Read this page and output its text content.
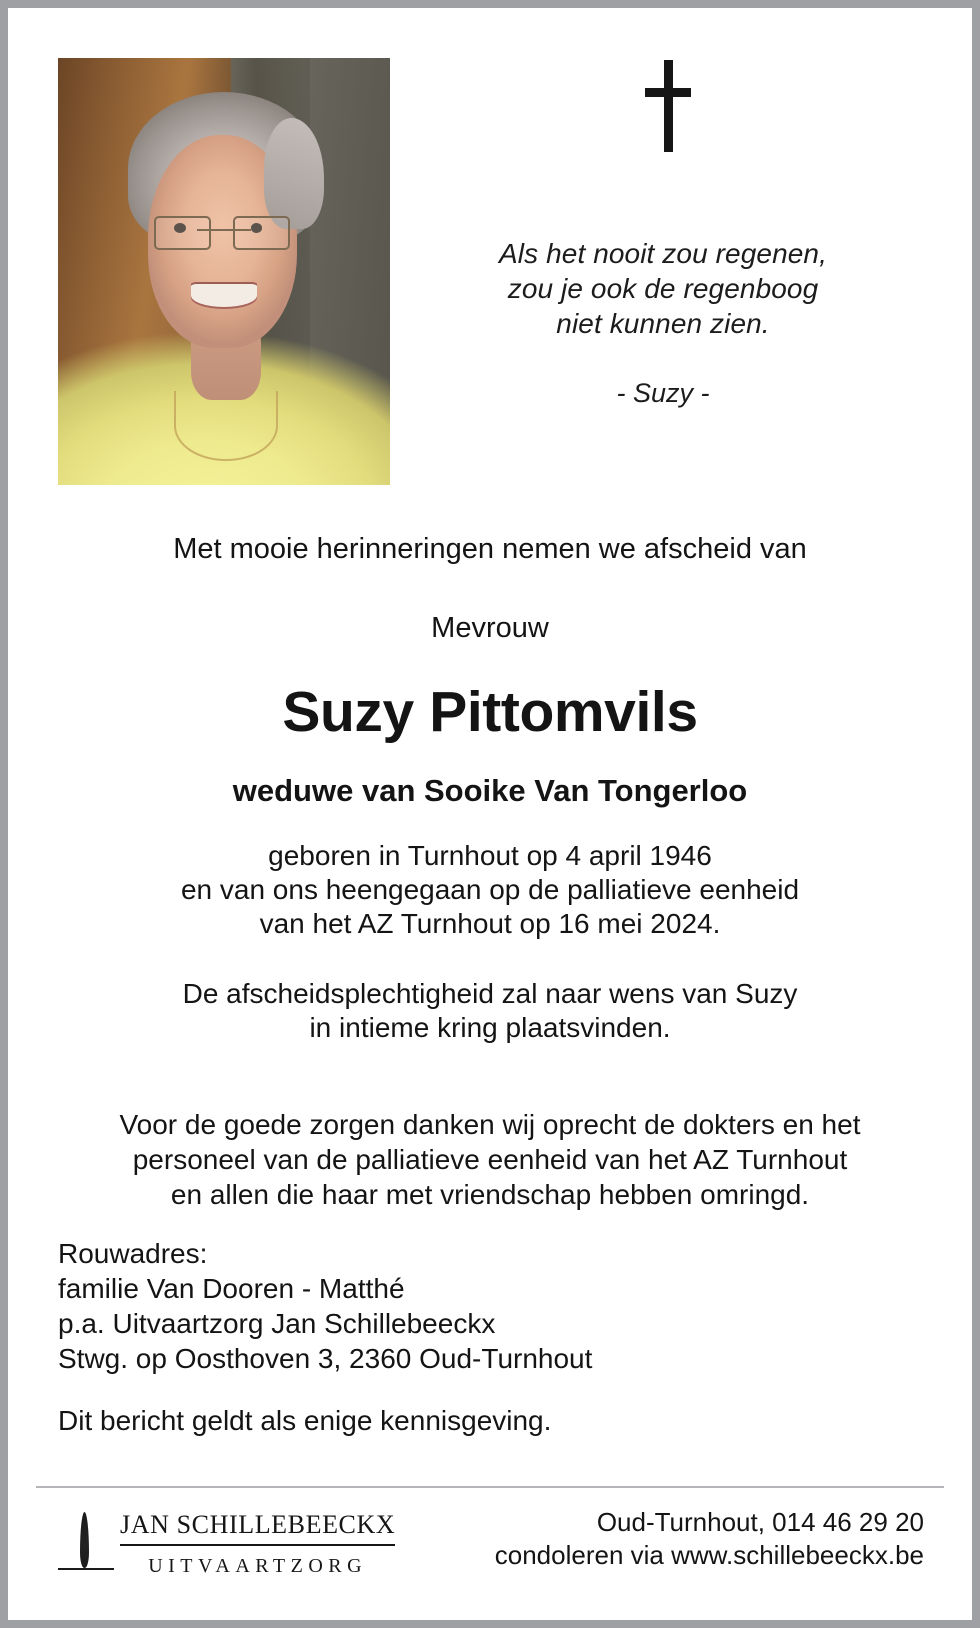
Als het nooit zou regenen,
zou je ook de regenboog
niet kunnen zien.
- Suzy -
Met mooie herinneringen nemen we afscheid van
Mevrouw
Suzy Pittomvils
weduwe van Sooike Van Tongerloo
geboren in Turnhout op 4 april 1946
en van ons heengegaan op de palliatieve eenheid
van het AZ Turnhout op 16 mei 2024.
De afscheidsplechtigheid zal naar wens van Suzy
in intieme kring plaatsvinden.
Voor de goede zorgen danken wij oprecht de dokters en het
personeel van de palliatieve eenheid van het AZ Turnhout
en allen die haar met vriendschap hebben omringd.
Rouwadres:
familie Van Dooren - Matthé
p.a. Uitvaartzorg Jan Schillebeeckx
Stwg. op Oosthoven 3, 2360 Oud-Turnhout
Dit bericht geldt als enige kennisgeving.
JAN SCHILLEBEECKX
UITVAARTZORG
Oud-Turnhout, 014 46 29 20
condoleren via www.schillebeeckx.be
